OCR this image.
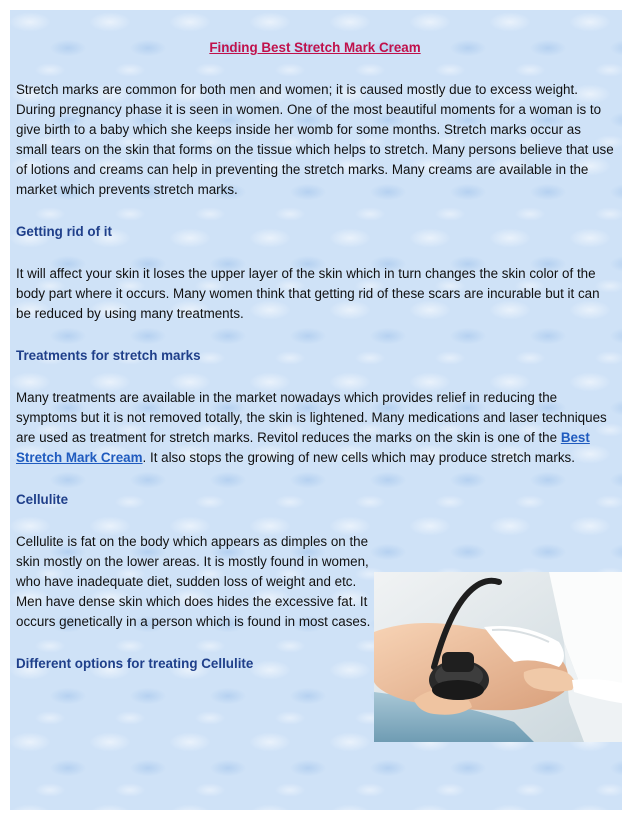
Finding Best Stretch Mark Cream
Stretch marks are common for both men and women; it is caused mostly due to excess weight. During pregnancy phase it is seen in women. One of the most beautiful moments for a woman is to give birth to a baby which she keeps inside her womb for some months. Stretch marks occur as small tears on the skin that forms on the tissue which helps to stretch. Many persons believe that use of lotions and creams can help in preventing the stretch marks. Many creams are available in the market which prevents stretch marks.
Getting rid of it
It will affect your skin it loses the upper layer of the skin which in turn changes the skin color of the body part where it occurs. Many women think that getting rid of these scars are incurable but it can be reduced by using many treatments.
Treatments for stretch marks
Many treatments are available in the market nowadays which provides relief in reducing the symptoms but it is not removed totally, the skin is lightened. Many medications and laser techniques are used as treatment for stretch marks. Revitol reduces the marks on the skin is one of the Best Stretch Mark Cream. It also stops the growing of new cells which may produce stretch marks.
Cellulite
Cellulite is fat on the body which appears as dimples on the skin mostly on the lower areas. It is mostly found in women, who have inadequate diet, sudden loss of weight and etc. Men have dense skin which does hides the excessive fat. It occurs genetically in a person which is found in most cases.
Different options for treating Cellulite
